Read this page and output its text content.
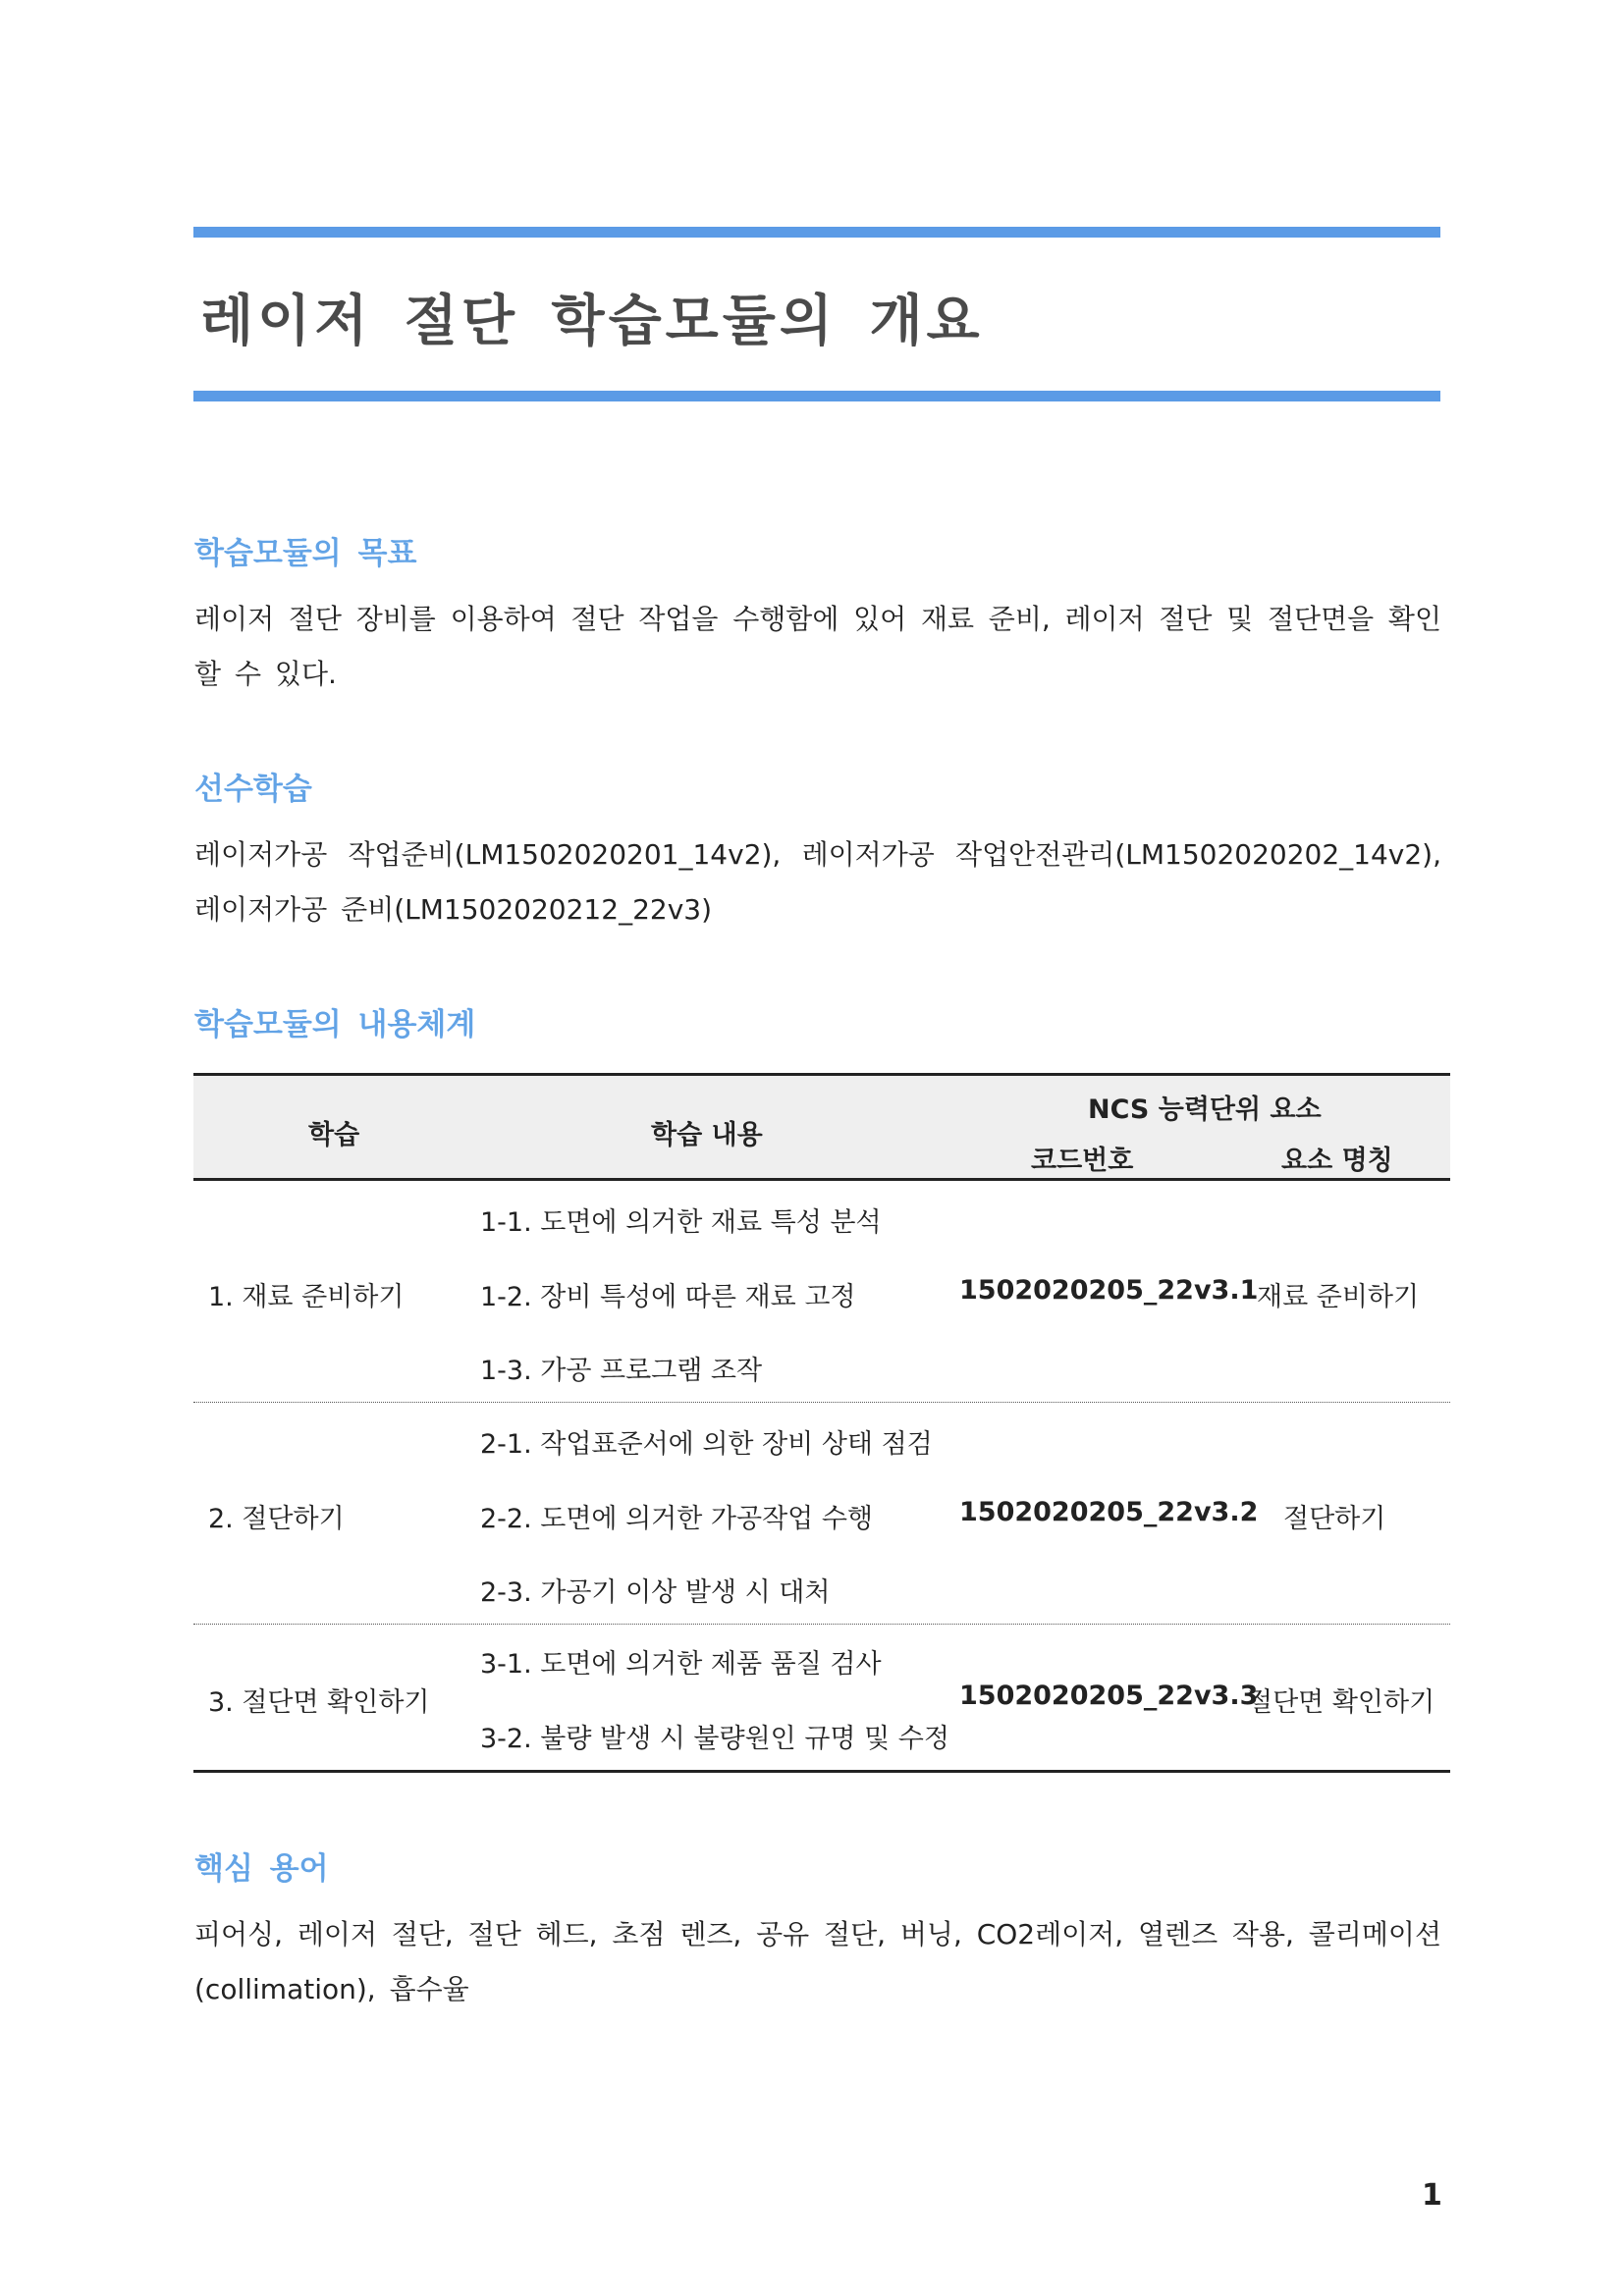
레이저 절단 학습모듈의 개요
학습모듈의 목표
레이저 절단 장비를 이용하여 절단 작업을 수행함에 있어 재료 준비, 레이저 절단 및 절단면을 확인 할 수 있다.
선수학습
레이저가공 작업준비(LM1502020201_14v2), 레이저가공 작업안전관리(LM1502020202_14v2), 레이저가공 준비(LM1502020212_22v3)
학습모듈의 내용체계
학습	학습 내용
NCS 능력단위 요소
코드번호	요소 명칭
1. 재료 준비하기
1-1. 도면에 의거한 재료 특성 분석
1-2. 장비 특성에 따른 재료 고정
1-3. 가공 프로그램 조작
1502020205_22v3.1
재료 준비하기
2. 절단하기
2-1. 작업표준서에 의한 장비 상태 점검
2-2. 도면에 의거한 가공작업 수행
2-3. 가공기 이상 발생 시 대처
1502020205_22v3.2 절단하기
3. 절단면 확인하기
3-1. 도면에 의거한 제품 품질 검사
3-2. 불량 발생 시 불량원인 규명 및 수정
1502020205_22v3.3
절단면 확인하기
핵심 용어
피어싱, 레이저 절단, 절단 헤드, 초점 렌즈, 공유 절단, 버닝, CO2레이저, 열렌즈 작용, 콜리메이션(collimation), 흡수율
1
